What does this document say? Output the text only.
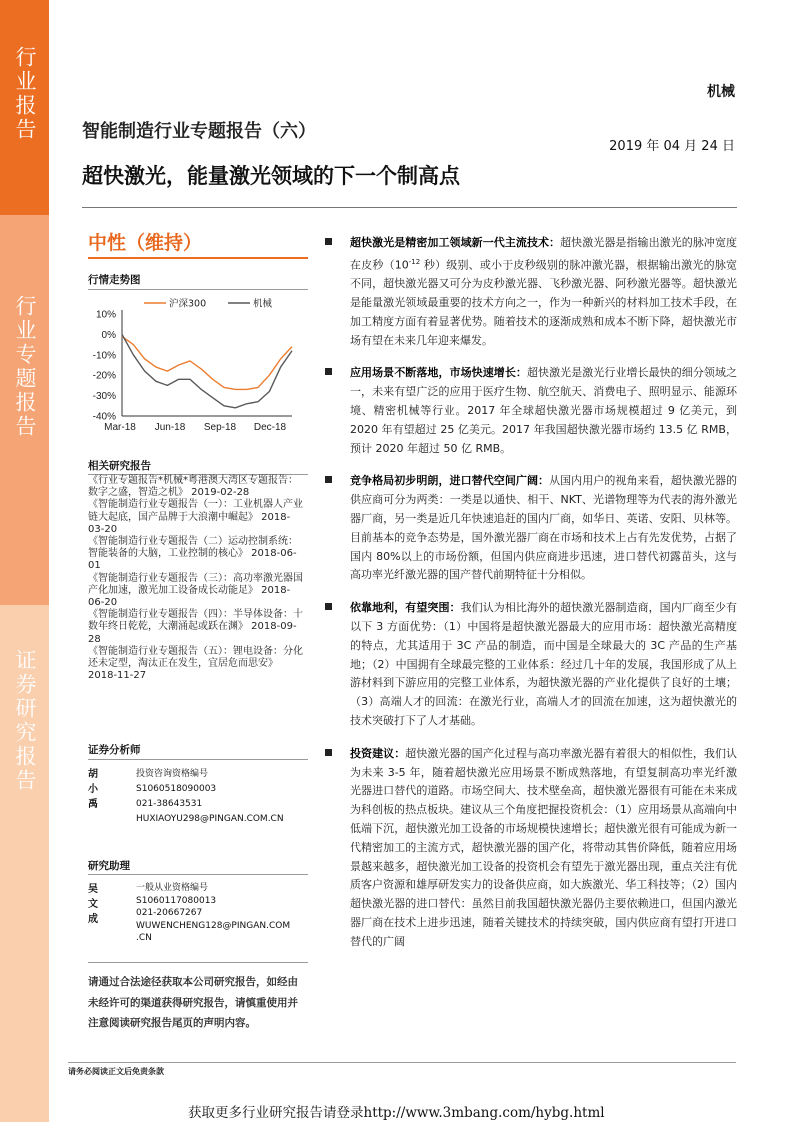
行业报告
行业专题报告
证券研究报告
机械
智能制造行业专题报告（六）
2019 年 04 月 24 日
超快激光，能量激光领域的下一个制高点
中性（维持）
行情走势图
10%
0%
-10%
-20%
-30%
-40%
Mar-18 Jun-18 Sep-18 Dec-18
沪深300	机械
相关研究报告
《行业专题报告*机械*粤港澳大湾区专题报告：数字之盛，智造之机》 2019-02-28
《智能制造行业专题报告（一）：工业机器人产业链大起底，国产品牌于大浪潮中崛起》 2018-03-20
《智能制造行业专题报告（二）运动控制系统：智能装备的大脑，工业控制的核心》 2018-06-01
《智能制造行业专题报告（三）：高功率激光器国产化加速，激光加工设备成长动能足》 2018-06-20
《智能制造行业专题报告（四）：半导体设备：十数年终日乾乾，大潮涌起或跃在渊》 2018-09-28
《智能制造行业专题报告（五）：锂电设备：分化还未定型，淘汰正在发生，宜居危而思安》 2018-11-27
证券分析师
胡小禹
投资咨询资格编号
S1060518090003
021-38643531
HUXIAOYU298@PINGAN.COM.CN
研究助理
吴文成
一般从业资格编号
S1060117080013
021-20667267
WUWENCHENG128@PINGAN.COM
.CN
请通过合法途径获取本公司研究报告，如经由未经许可的渠道获得研究报告，请慎重使用并注意阅读研究报告尾页的声明内容。
超快激光是精密加工领域新一代主流技术：超快激光器是指输出激光的脉冲宽度在皮秒（$10^{-12}$ 秒）级别、或小于皮秒级别的脉冲激光器，根据输出激光的脉宽不同，超快激光器又可分为皮秒激光器、飞秒激光器、阿秒激光器等。超快激光是能量激光领域最重要的技术方向之一，作为一种新兴的材料加工技术手段，在加工精度方面有着显著优势。随着技术的逐渐成熟和成本不断下降，超快激光市场有望在未来几年迎来爆发。
应用场景不断落地，市场快速增长：超快激光是激光行业增长最快的细分领域之一，未来有望广泛的应用于医疗生物、航空航天、消费电子、照明显示、能源环境、精密机械等行业。2017 年全球超快激光器市场规模超过 9 亿美元，到 2020 年有望超过 25 亿美元。2017 年我国超快激光器市场约 13.5 亿 RMB，预计 2020 年超过 50 亿 RMB。
竞争格局初步明朗，进口替代空间广阔：从国内用户的视角来看，超快激光器的供应商可分为两类：一类是以通快、相干、NKT、光谱物理等为代表的海外激光器厂商，另一类是近几年快速追赶的国内厂商，如华日、英诺、安阳、贝林等。目前基本的竞争态势是，国外激光器厂商在市场和技术上占有先发优势，占据了国内 80%以上的市场份额，但国内供应商进步迅速，进口替代初露苗头，这与高功率光纤激光器的国产替代前期特征十分相似。
依靠地利，有望突围：我们认为相比海外的超快激光器制造商，国内厂商至少有以下 3 方面优势：（1）中国将是超快激光器最大的应用市场：超快激光高精度的特点，尤其适用于 3C 产品的制造，而中国是全球最大的 3C 产品的生产基地；（2）中国拥有全球最完整的工业体系：经过几十年的发展，我国形成了从上游材料到下游应用的完整工业体系，为超快激光器的产业化提供了良好的土壤；（3）高端人才的回流：在激光行业，高端人才的回流在加速，这为超快激光的技术突破打下了人才基础。
投资建议：超快激光器的国产化过程与高功率激光器有着很大的相似性，我们认为未来 3-5 年，随着超快激光应用场景不断成熟落地，有望复制高功率光纤激光器进口替代的道路。市场空间大、技术壁垒高，超快激光器很有可能在未来成为科创板的热点板块。建议从三个角度把握投资机会：（1）应用场景从高端向中低端下沉，超快激光加工设备的市场规模快速增长；超快激光很有可能成为新一代精密加工的主流方式，超快激光器的国产化，将带动其售价降低，随着应用场景越来越多，超快激光加工设备的投资机会有望先于激光器出现，重点关注有优质客户资源和雄厚研发实力的设备供应商，如大族激光、华工科技等；（2）国内超快激光器的进口替代：虽然目前我国超快激光器仍主要依赖进口，但国内激光器厂商在技术上进步迅速，随着关键技术的持续突破，国内供应商有望打开进口替代的广阔
请务必阅读正文后免责条款
获取更多行业研究报告请登录http://www.3mbang.com/hybg.html
